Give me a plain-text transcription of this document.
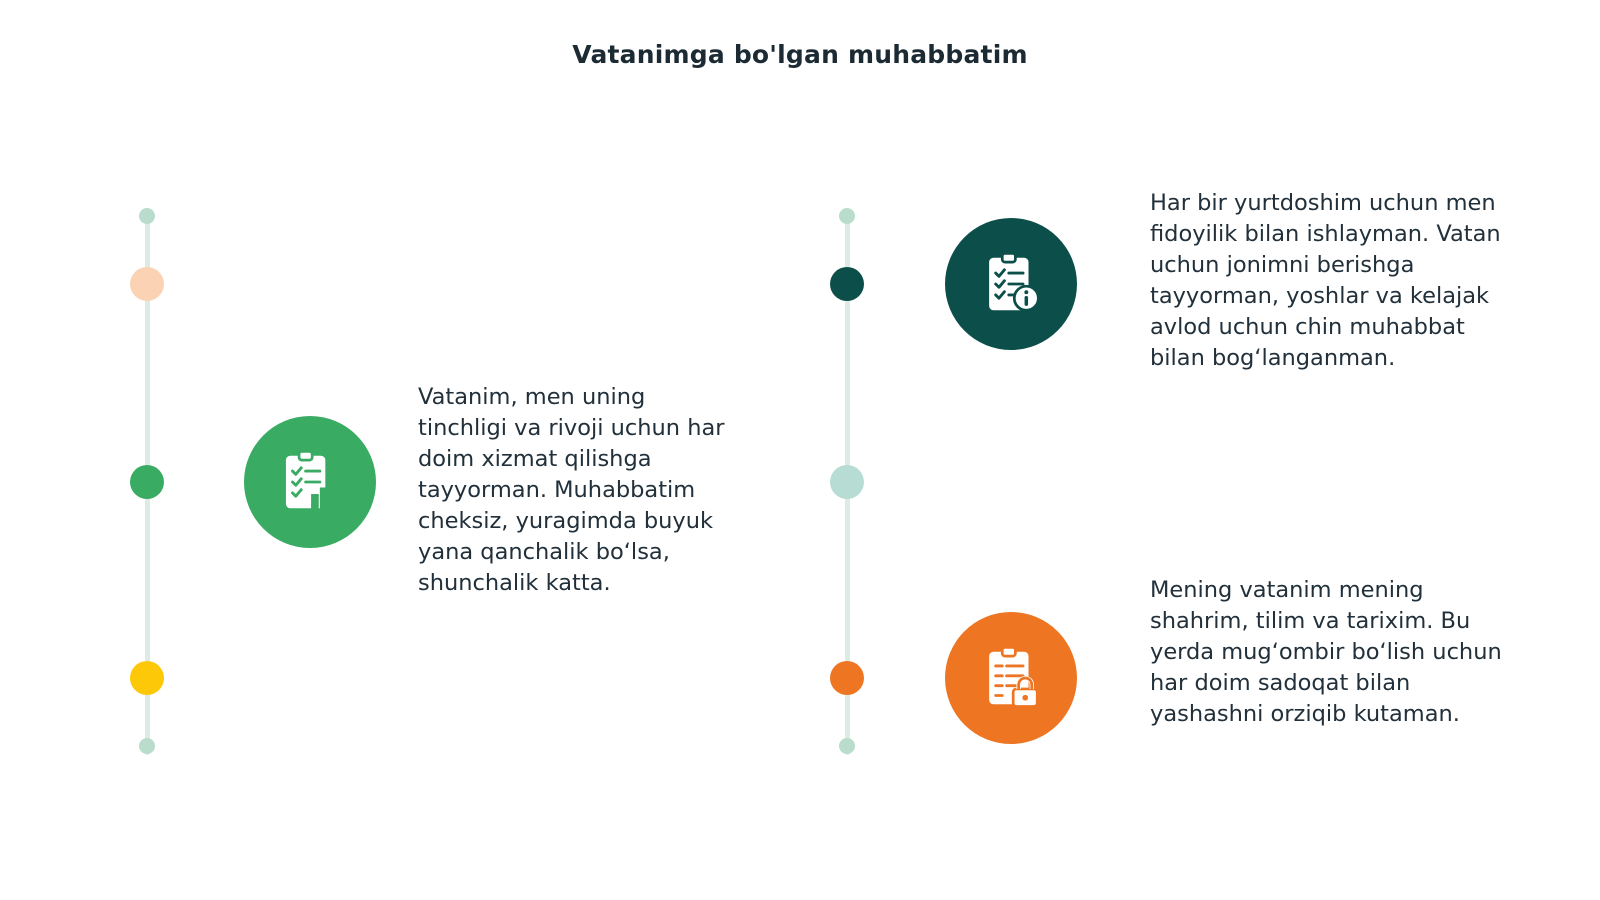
Vatanimga bo'lgan muhabbatim
Vatanim, men uning tinchligi va rivoji uchun har doim xizmat qilishga tayyorman. Muhabbatim cheksiz, yuragimda buyuk yana qanchalik bo‘lsa, shunchalik katta.
Har bir yurtdoshim uchun men fidoyilik bilan ishlayman. Vatan uchun jonimni berishga tayyorman, yoshlar va kelajak avlod uchun chin muhabbat bilan bog‘langanman.
Mening vatanim mening shahrim, tilim va tarixim. Bu yerda mug‘ombir bo‘lish uchun har doim sadoqat bilan yashashni orziqib kutaman.
